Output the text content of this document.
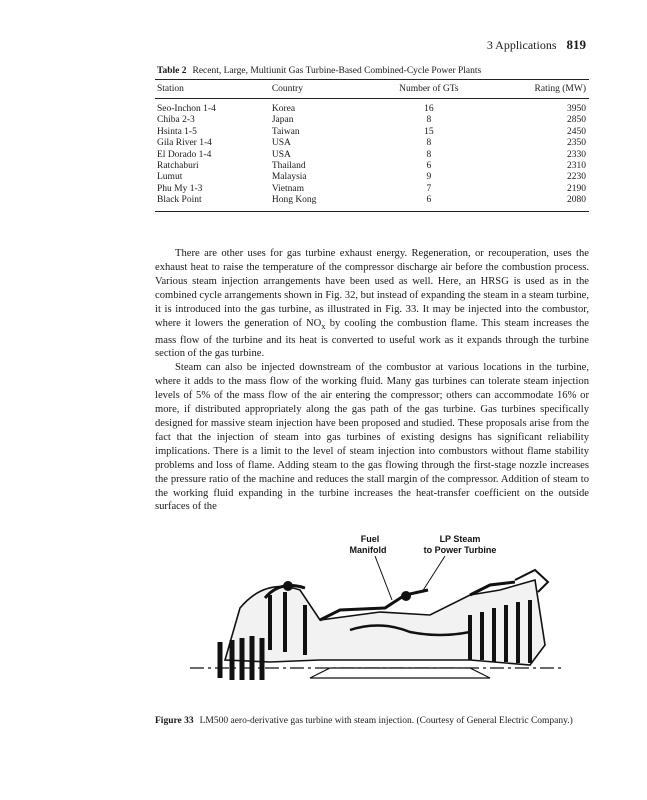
3 Applications 819
Table 2 Recent, Large, Multiunit Gas Turbine-Based Combined-Cycle Power Plants
Station	Country	Number of GTs	Rating (MW)
Seo-Inchon 1-4	Korea	16	3950
Chiba 2-3	Japan	8	2850
Hsinta 1-5	Taiwan	15	2450
Gila River 1-4	USA	8	2350
El Dorado 1-4	USA	8	2330
Ratchaburi	Thailand	6	2310
Lumut	Malaysia	9	2230
Phu My 1-3	Vietnam	7	2190
Black Point	Hong Kong	6	2080

There are other uses for gas turbine exhaust energy. Regeneration, or recouperation, uses the exhaust heat to raise the temperature of the compressor discharge air before the combustion process. Various steam injection arrangements have been used as well. Here, an HRSG is used as in the combined cycle arrangements shown in Fig. 32, but instead of expanding the steam in a steam turbine, it is introduced into the gas turbine, as illustrated in Fig. 33. It may be injected into the combustor, where it lowers the generation of $NO_x$ by cooling the combustion flame. This steam increases the mass flow of the turbine and its heat is converted to useful work as it expands through the turbine section of the gas turbine.

Steam can also be injected downstream of the combustor at various locations in the turbine, where it adds to the mass flow of the working fluid. Many gas turbines can tolerate steam injection levels of 5% of the mass flow of the air entering the compressor; others can accommodate 16% or more, if distributed appropriately along the gas path of the gas turbine. Gas turbines specifically designed for massive steam injection have been proposed and studied. These proposals arise from the fact that the injection of steam into gas turbines of existing designs has significant reliability implications. There is a limit to the level of steam injection into combustors without flame stability problems and loss of flame. Adding steam to the gas flowing through the first-stage nozzle increases the pressure ratio of the machine and reduces the stall margin of the compressor. Addition of steam to the working fluid expanding in the turbine increases the heat-transfer coefficient on the outside surfaces of the

Fuel
Manifold
LP Steam
to Power Turbine
Figure 33 LM500 aero-derivative gas turbine with steam injection. (Courtesy of General Electric Company.)
